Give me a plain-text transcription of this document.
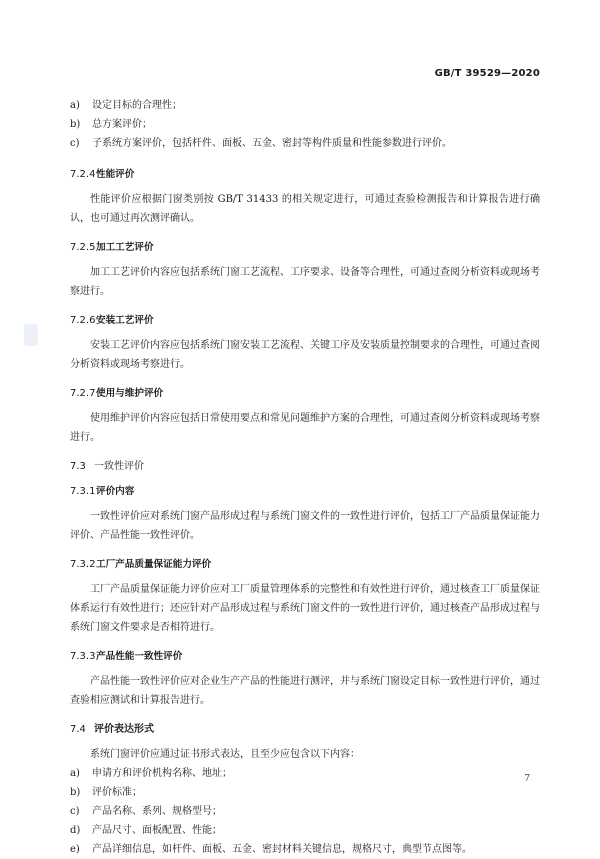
GB/T 39529—2020
a) 设定目标的合理性；
b) 总方案评价；
c) 子系统方案评价，包括杆件、面板、五金、密封等构件质量和性能参数进行评价。
7.2.4 性能评价
性能评价应根据门窗类别按 GB/T 31433 的相关规定进行，可通过查验检测报告和计算报告进行确认，也可通过再次测评确认。
7.2.5 加工工艺评价
加工工艺评价内容应包括系统门窗工艺流程、工序要求、设备等合理性，可通过查阅分析资料或现场考察进行。
7.2.6 安装工艺评价
安装工艺评价内容应包括系统门窗安装工艺流程、关键工序及安装质量控制要求的合理性，可通过查阅分析资料或现场考察进行。
7.2.7 使用与维护评价
使用维护评价内容应包括日常使用要点和常见问题维护方案的合理性，可通过查阅分析资料或现场考察进行。
7.3 一致性评价
7.3.1 评价内容
一致性评价应对系统门窗产品形成过程与系统门窗文件的一致性进行评价，包括工厂产品质量保证能力评价、产品性能一致性评价。
7.3.2 工厂产品质量保证能力评价
工厂产品质量保证能力评价应对工厂质量管理体系的完整性和有效性进行评价，通过核查工厂质量保证体系运行有效性进行；还应针对产品形成过程与系统门窗文件的一致性进行评价，通过核查产品形成过程与系统门窗文件要求是否相符进行。
7.3.3 产品性能一致性评价
产品性能一致性评价应对企业生产产品的性能进行测评，并与系统门窗设定目标一致性进行评价，通过查验相应测试和计算报告进行。
7.4 评价表达形式
系统门窗评价应通过证书形式表达，且至少应包含以下内容：
a) 申请方和评价机构名称、地址；
b) 评价标准；
c) 产品名称、系列、规格型号；
d) 产品尺寸、面板配置、性能；
e) 产品详细信息，如杆件、面板、五金、密封材料关键信息，规格尺寸，典型节点图等。
7
